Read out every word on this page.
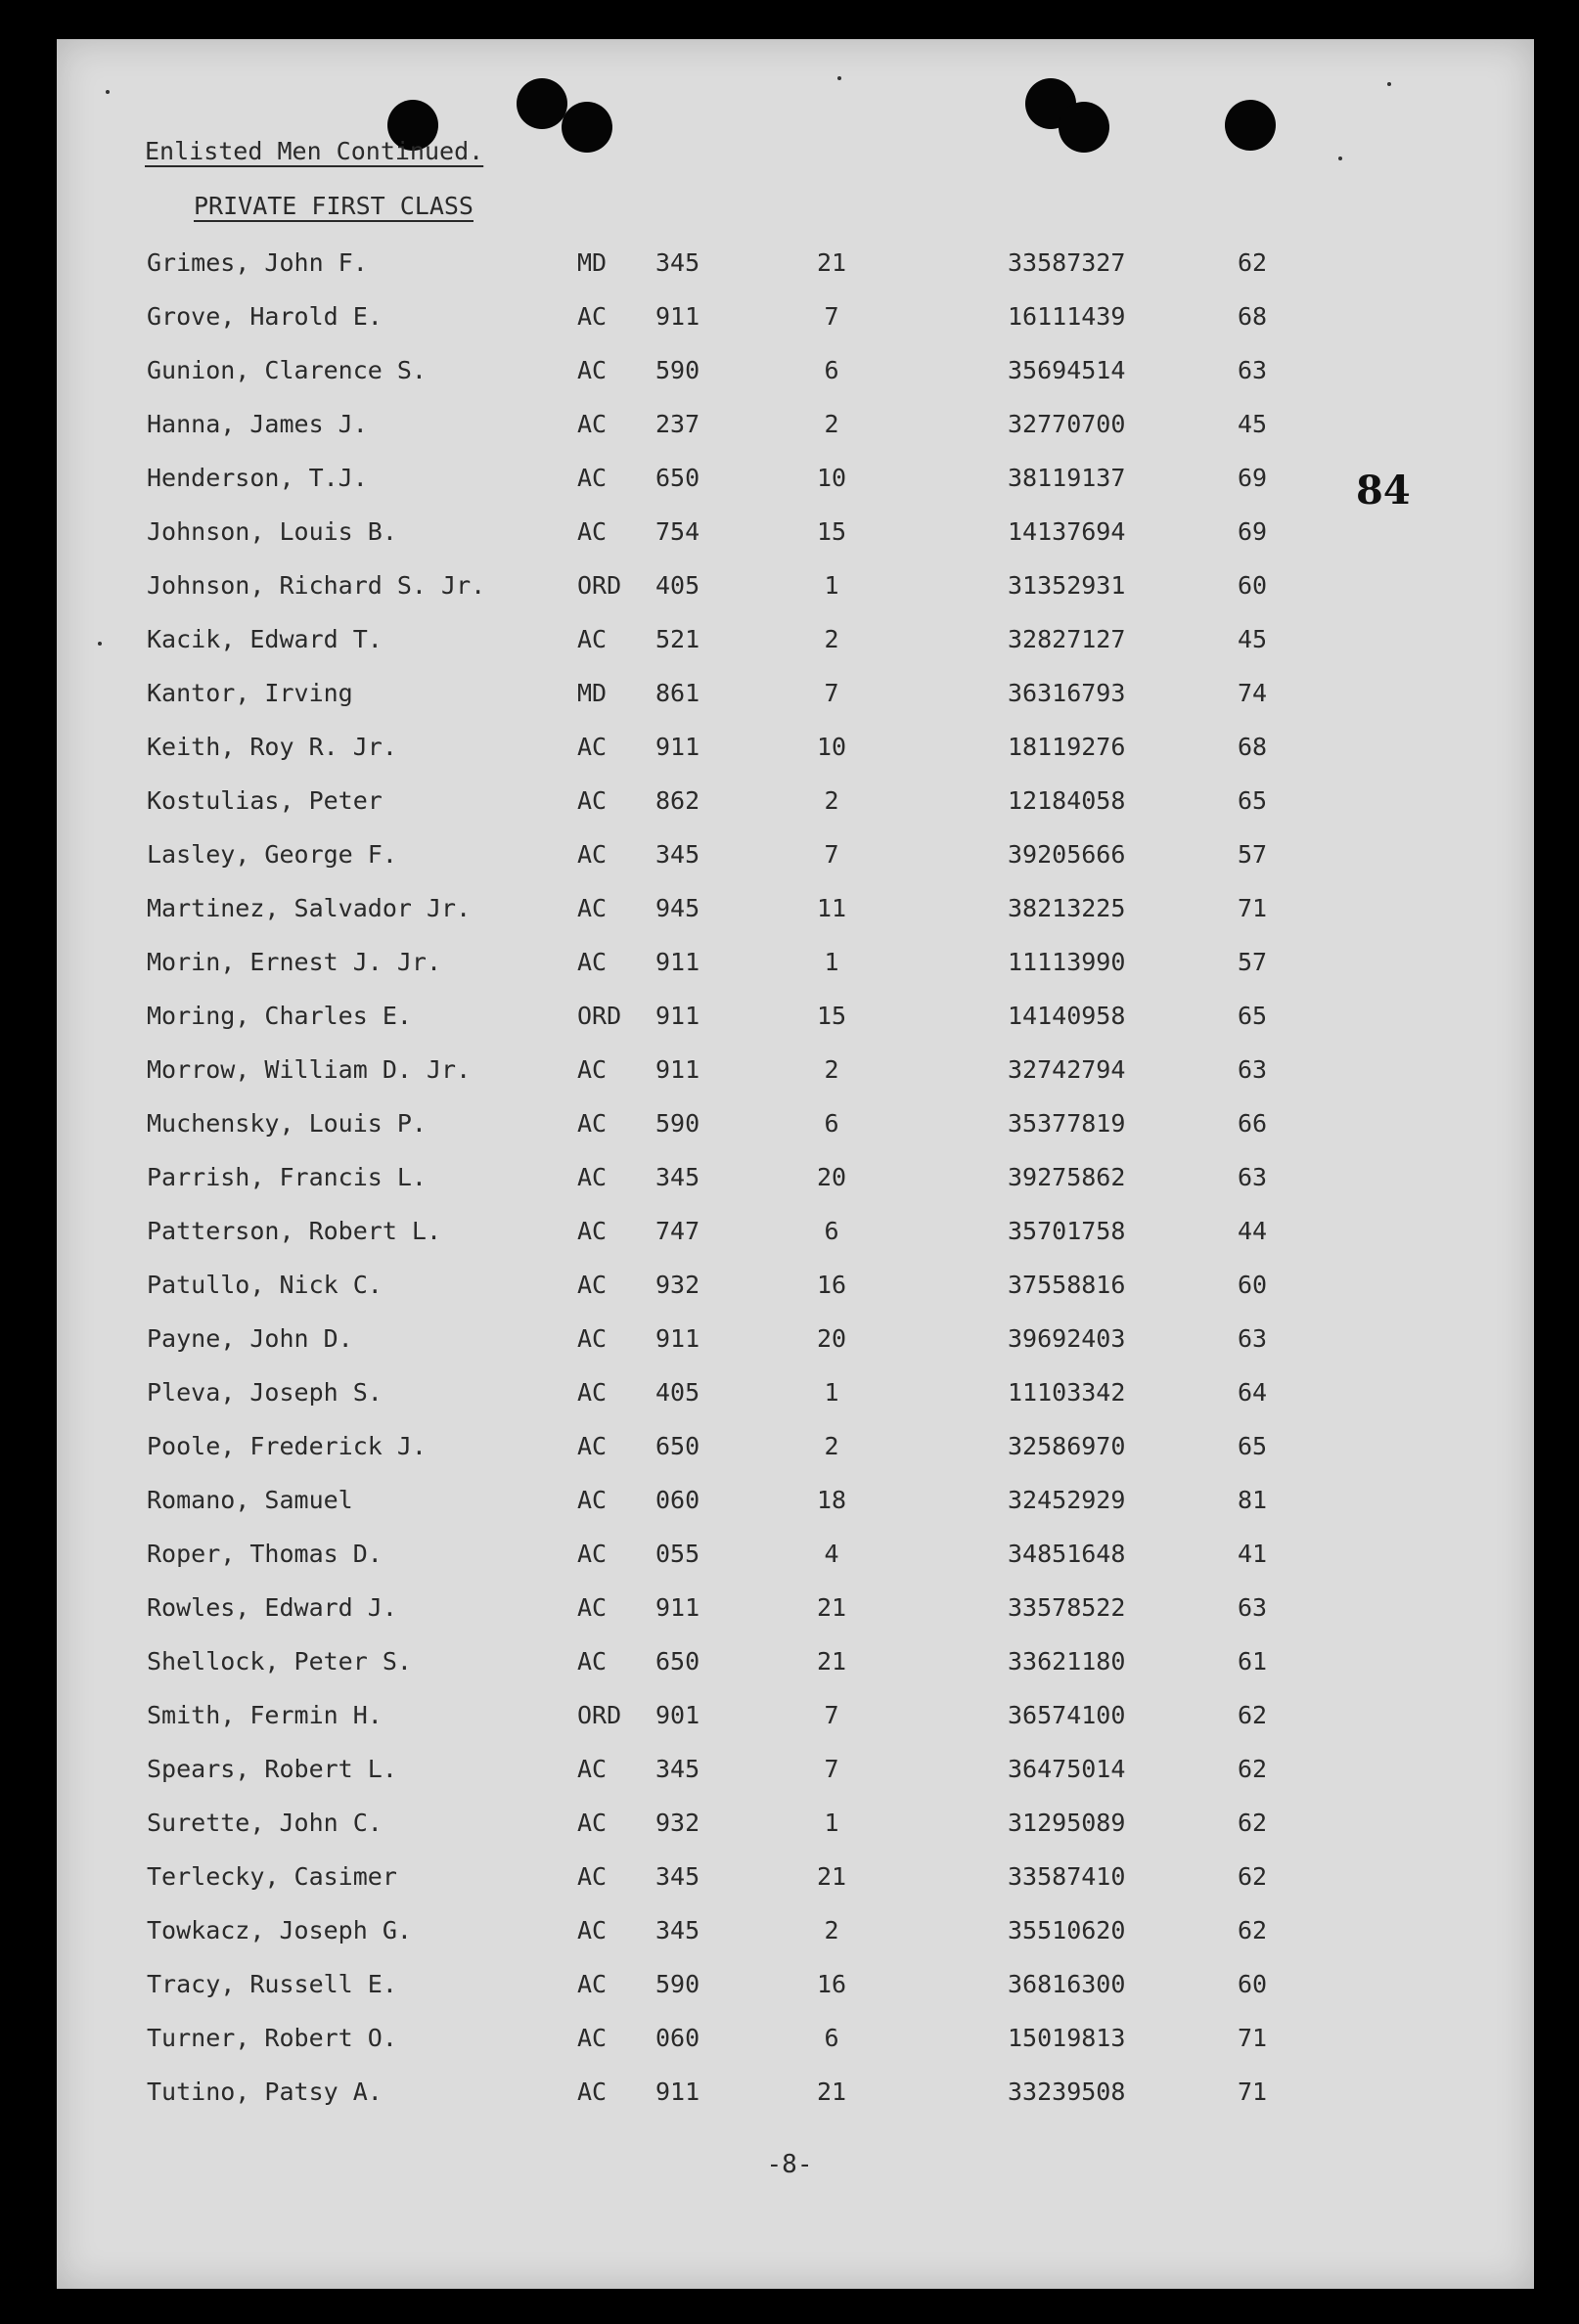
Enlisted Men Continued.
PRIVATE FIRST CLASS
84
Grimes, John F.	MD 345	21	33587327	62
Grove, Harold E.	AC 911	7	16111439	68
Gunion, Clarence S.	AC 590	6	35694514	63
Hanna, James J.	AC 237	2	32770700	45
Henderson, T.J.	AC 650	10	38119137	69
Johnson, Louis B.	AC 754	15	14137694	69
Johnson, Richard S. Jr.	ORD 405	1	31352931	60
Kacik, Edward T.	AC 521	2	32827127	45
Kantor, Irving	MD 861	7	36316793	74
Keith, Roy R. Jr.	AC 911	10	18119276	68
Kostulias, Peter	AC 862	2	12184058	65
Lasley, George F.	AC 345	7	39205666	57
Martinez, Salvador Jr.	AC 945	11	38213225	71
Morin, Ernest J. Jr.	AC 911	1	11113990	57
Moring, Charles E.	ORD 911	15	14140958	65
Morrow, William D. Jr.	AC 911	2	32742794	63
Muchensky, Louis P.	AC 590	6	35377819	66
Parrish, Francis L.	AC 345	20	39275862	63
Patterson, Robert L.	AC 747	6	35701758	44
Patullo, Nick C.	AC 932	16	37558816	60
Payne, John D.	AC 911	20	39692403	63
Pleva, Joseph S.	AC 405	1	11103342	64
Poole, Frederick J.	AC 650	2	32586970	65
Romano, Samuel	AC 060	18	32452929	81
Roper, Thomas D.	AC 055	4	34851648	41
Rowles, Edward J.	AC 911	21	33578522	63
Shellock, Peter S.	AC 650	21	33621180	61
Smith, Fermin H.	ORD 901	7	36574100	62
Spears, Robert L.	AC 345	7	36475014	62
Surette, John C.	AC 932	1	31295089	62
Terlecky, Casimer	AC 345	21	33587410	62
Towkacz, Joseph G.	AC 345	2	35510620	62
Tracy, Russell E.	AC 590	16	36816300	60
Turner, Robert O.	AC 060	6	15019813	71
Tutino, Patsy A.	AC 911	21	33239508	71
-8-
